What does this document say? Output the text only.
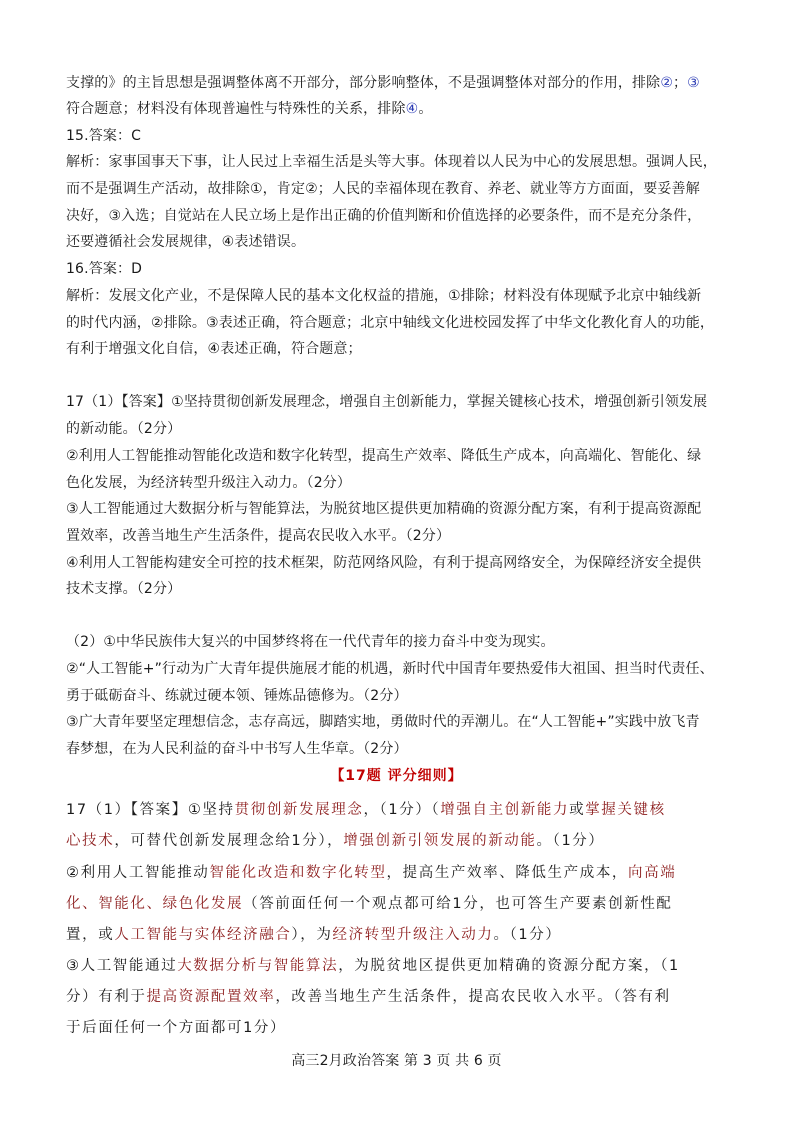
支撑的》的主旨思想是强调整体离不开部分，部分影响整体，不是强调整体对部分的作用，排除②；③
符合题意；材料没有体现普遍性与特殊性的关系，排除④。
15.答案：C
解析：家事国事天下事，让人民过上幸福生活是头等大事。体现着以人民为中心的发展思想。强调人民，
而不是强调生产活动，故排除①，肯定②；人民的幸福体现在教育、养老、就业等方方面面，要妥善解
决好，③入选；自觉站在人民立场上是作出正确的价值判断和价值选择的必要条件，而不是充分条件，
还要遵循社会发展规律，④表述错误。
16.答案：D
解析：发展文化产业，不是保障人民的基本文化权益的措施，①排除；材料没有体现赋予北京中轴线新
的时代内涵，②排除。③表述正确，符合题意；北京中轴线文化进校园发挥了中华文化教化育人的功能，
有利于增强文化自信，④表述正确，符合题意；
17（1）【答案】①坚持贯彻创新发展理念，增强自主创新能力，掌握关键核心技术，增强创新引领发展
的新动能。（2分）
②利用人工智能推动智能化改造和数字化转型，提高生产效率、降低生产成本，向高端化、智能化、绿
色化发展，为经济转型升级注入动力。（2分）
③人工智能通过大数据分析与智能算法，为脱贫地区提供更加精确的资源分配方案，有利于提高资源配
置效率，改善当地生产生活条件，提高农民收入水平。（2分）
④利用人工智能构建安全可控的技术框架，防范网络风险，有利于提高网络安全，为保障经济安全提供
技术支撑。（2分）
（2）①中华民族伟大复兴的中国梦终将在一代代青年的接力奋斗中变为现实。
②“人工智能+”行动为广大青年提供施展才能的机遇，新时代中国青年要热爱伟大祖国、担当时代责任、
勇于砥砺奋斗、练就过硬本领、锤炼品德修为。（2分）
③广大青年要坚定理想信念，志存高远，脚踏实地，勇做时代的弄潮儿。在“人工智能+”实践中放飞青
春梦想，在为人民利益的奋斗中书写人生华章。（2分）
【17题 评分细则】
17（1）【答案】①坚持贯彻创新发展理念，（1分）（增强自主创新能力或掌握关键核
心技术，可替代创新发展理念给1分），增强创新引领发展的新动能。（1分）
②利用人工智能推动智能化改造和数字化转型，提高生产效率、降低生产成本，向高端
化、智能化、绿色化发展（答前面任何一个观点都可给1分，也可答生产要素创新性配
置，或人工智能与实体经济融合），为经济转型升级注入动力。（1分）
③人工智能通过大数据分析与智能算法，为脱贫地区提供更加精确的资源分配方案，（1
分）有利于提高资源配置效率，改善当地生产生活条件，提高农民收入水平。（答有利
于后面任何一个方面都可1分）
高三2月政治答案 第 3 页 共 6 页
